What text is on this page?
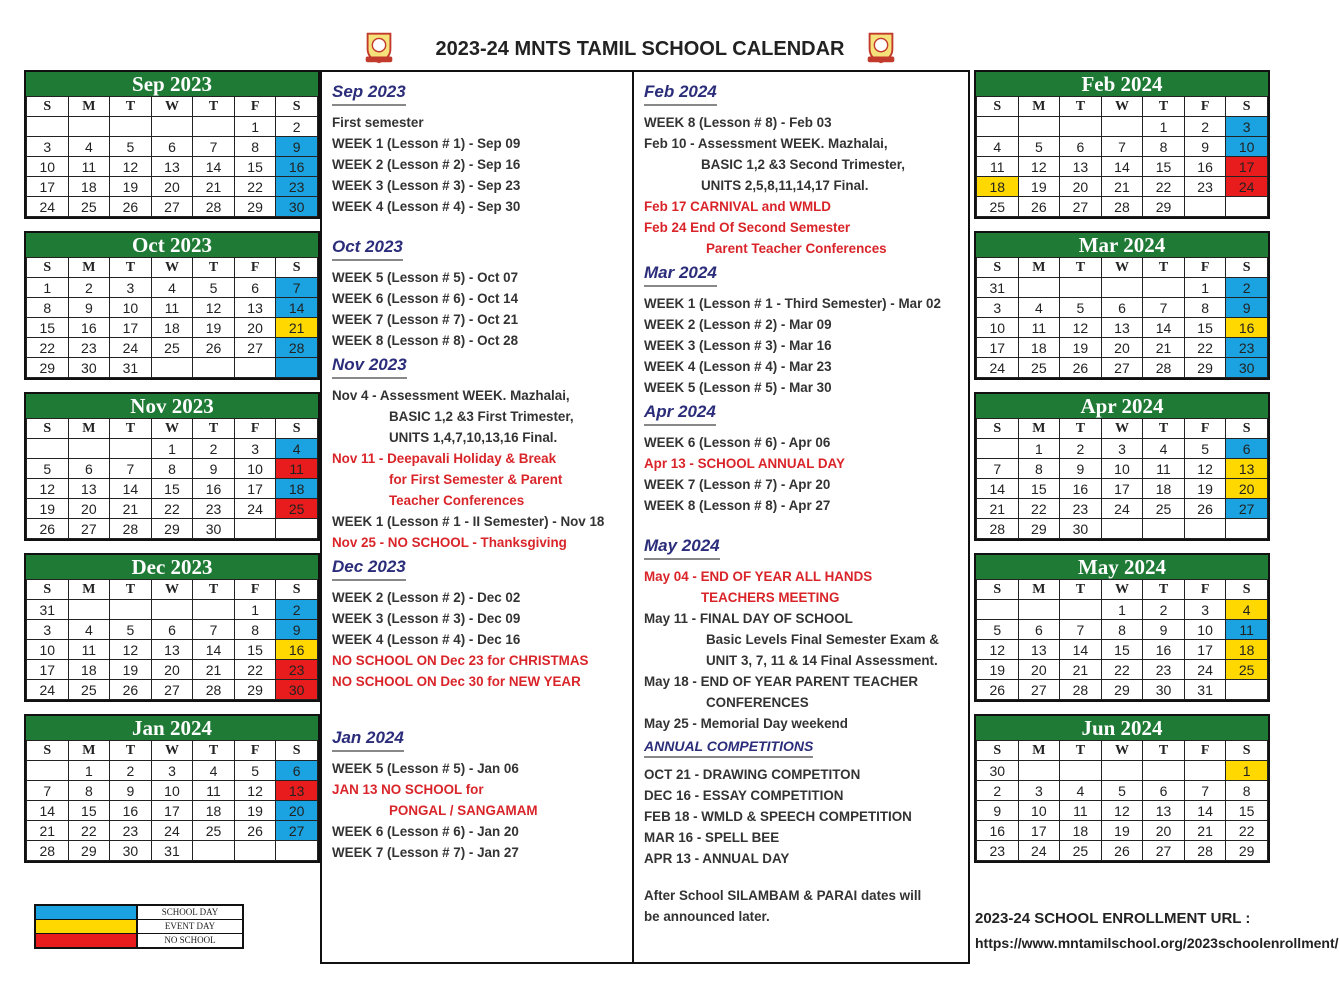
2023-24 MNTS TAMIL SCHOOL CALENDAR
Sep 2023
S	M	T	W	T	F	S
					1	2
3	4	5	6	7	8	9
10	11	12	13	14	15	16
17	18	19	20	21	22	23
24	25	26	27	28	29	30
Oct 2023
S	M	T	W	T	F	S
1	2	3	4	5	6	7
8	9	10	11	12	13	14
15	16	17	18	19	20	21
22	23	24	25	26	27	28
29	30	31				
Nov 2023
S	M	T	W	T	F	S
			1	2	3	4
5	6	7	8	9	10	11
12	13	14	15	16	17	18
19	20	21	22	23	24	25
26	27	28	29	30		
Dec 2023
S	M	T	W	T	F	S
31					1	2
3	4	5	6	7	8	9
10	11	12	13	14	15	16
17	18	19	20	21	22	23
24	25	26	27	28	29	30
Jan 2024
S	M	T	W	T	F	S
	1	2	3	4	5	6
7	8	9	10	11	12	13
14	15	16	17	18	19	20
21	22	23	24	25	26	27
28	29	30	31			
Feb 2024
S	M	T	W	T	F	S
				1	2	3
4	5	6	7	8	9	10
11	12	13	14	15	16	17
18	19	20	21	22	23	24
25	26	27	28	29		
Mar 2024
S	M	T	W	T	F	S
31					1	2
3	4	5	6	7	8	9
10	11	12	13	14	15	16
17	18	19	20	21	22	23
24	25	26	27	28	29	30
Apr 2024
S	M	T	W	T	F	S
	1	2	3	4	5	6
7	8	9	10	11	12	13
14	15	16	17	18	19	20
21	22	23	24	25	26	27
28	29	30				
May 2024
S	M	T	W	T	F	S
			1	2	3	4
5	6	7	8	9	10	11
12	13	14	15	16	17	18
19	20	21	22	23	24	25
26	27	28	29	30	31	
Jun 2024
S	M	T	W	T	F	S
30						1
2	3	4	5	6	7	8
9	10	11	12	13	14	15
16	17	18	19	20	21	22
23	24	25	26	27	28	29
Sep 2023
First semester
WEEK 1 (Lesson # 1) - Sep 09
WEEK 2 (Lesson # 2) - Sep 16
WEEK 3 (Lesson # 3) - Sep 23
WEEK 4 (Lesson # 4) - Sep 30
Oct 2023
WEEK 5 (Lesson # 5) - Oct 07
WEEK 6 (Lesson # 6) - Oct 14
WEEK 7 (Lesson # 7) - Oct 21
WEEK 8 (Lesson # 8) - Oct 28
Nov 2023
Nov 4 - Assessment WEEK. Mazhalai,
BASIC 1,2 &3 First Trimester,
UNITS 1,4,7,10,13,16 Final.
Nov 11 - Deepavali Holiday & Break
for First Semester & Parent
Teacher Conferences
WEEK 1 (Lesson # 1 - II Semester) - Nov 18
Nov 25 - NO SCHOOL - Thanksgiving
Dec 2023
WEEK 2 (Lesson # 2) - Dec 02
WEEK 3 (Lesson # 3) - Dec 09
WEEK 4 (Lesson # 4) - Dec 16
NO SCHOOL ON Dec 23 for CHRISTMAS
NO SCHOOL ON Dec 30 for NEW YEAR
Jan 2024
WEEK 5 (Lesson # 5) - Jan 06
JAN 13 NO SCHOOL for
PONGAL / SANGAMAM
WEEK 6 (Lesson # 6) - Jan 20
WEEK 7 (Lesson # 7) - Jan 27
Feb 2024
WEEK 8 (Lesson # 8) - Feb 03
Feb 10 - Assessment WEEK. Mazhalai,
BASIC 1,2 &3 Second Trimester,
UNITS 2,5,8,11,14,17 Final.
Feb 17 CARNIVAL and WMLD
Feb 24 End Of Second Semester
Parent Teacher Conferences
Mar 2024
WEEK 1 (Lesson # 1 - Third Semester) - Mar 02
WEEK 2 (Lesson # 2) - Mar 09
WEEK 3 (Lesson # 3) - Mar 16
WEEK 4 (Lesson # 4) - Mar 23
WEEK 5 (Lesson # 5) - Mar 30
Apr 2024
WEEK 6 (Lesson # 6) - Apr 06
Apr 13 - SCHOOL ANNUAL DAY
WEEK 7 (Lesson # 7) - Apr 20
WEEK 8 (Lesson # 8) - Apr 27
May 2024
May 04 - END OF YEAR ALL HANDS
TEACHERS MEETING
May 11 - FINAL DAY OF SCHOOL
Basic Levels Final Semester Exam &
UNIT 3, 7, 11 & 14 Final Assessment.
May 18 - END OF YEAR PARENT TEACHER
CONFERENCES
May 25 - Memorial Day weekend
ANNUAL COMPETITIONS
OCT 21 - DRAWING COMPETITON
DEC 16 - ESSAY COMPETITION
FEB 18 - WMLD & SPEECH COMPETITION
MAR 16 - SPELL BEE
APR 13 - ANNUAL DAY
After School SILAMBAM & PARAI dates will
be announced later.
SCHOOL DAY
EVENT DAY
NO SCHOOL
2023-24 SCHOOL ENROLLMENT URL :
https://www.mntamilschool.org/2023schoolenrollment/
